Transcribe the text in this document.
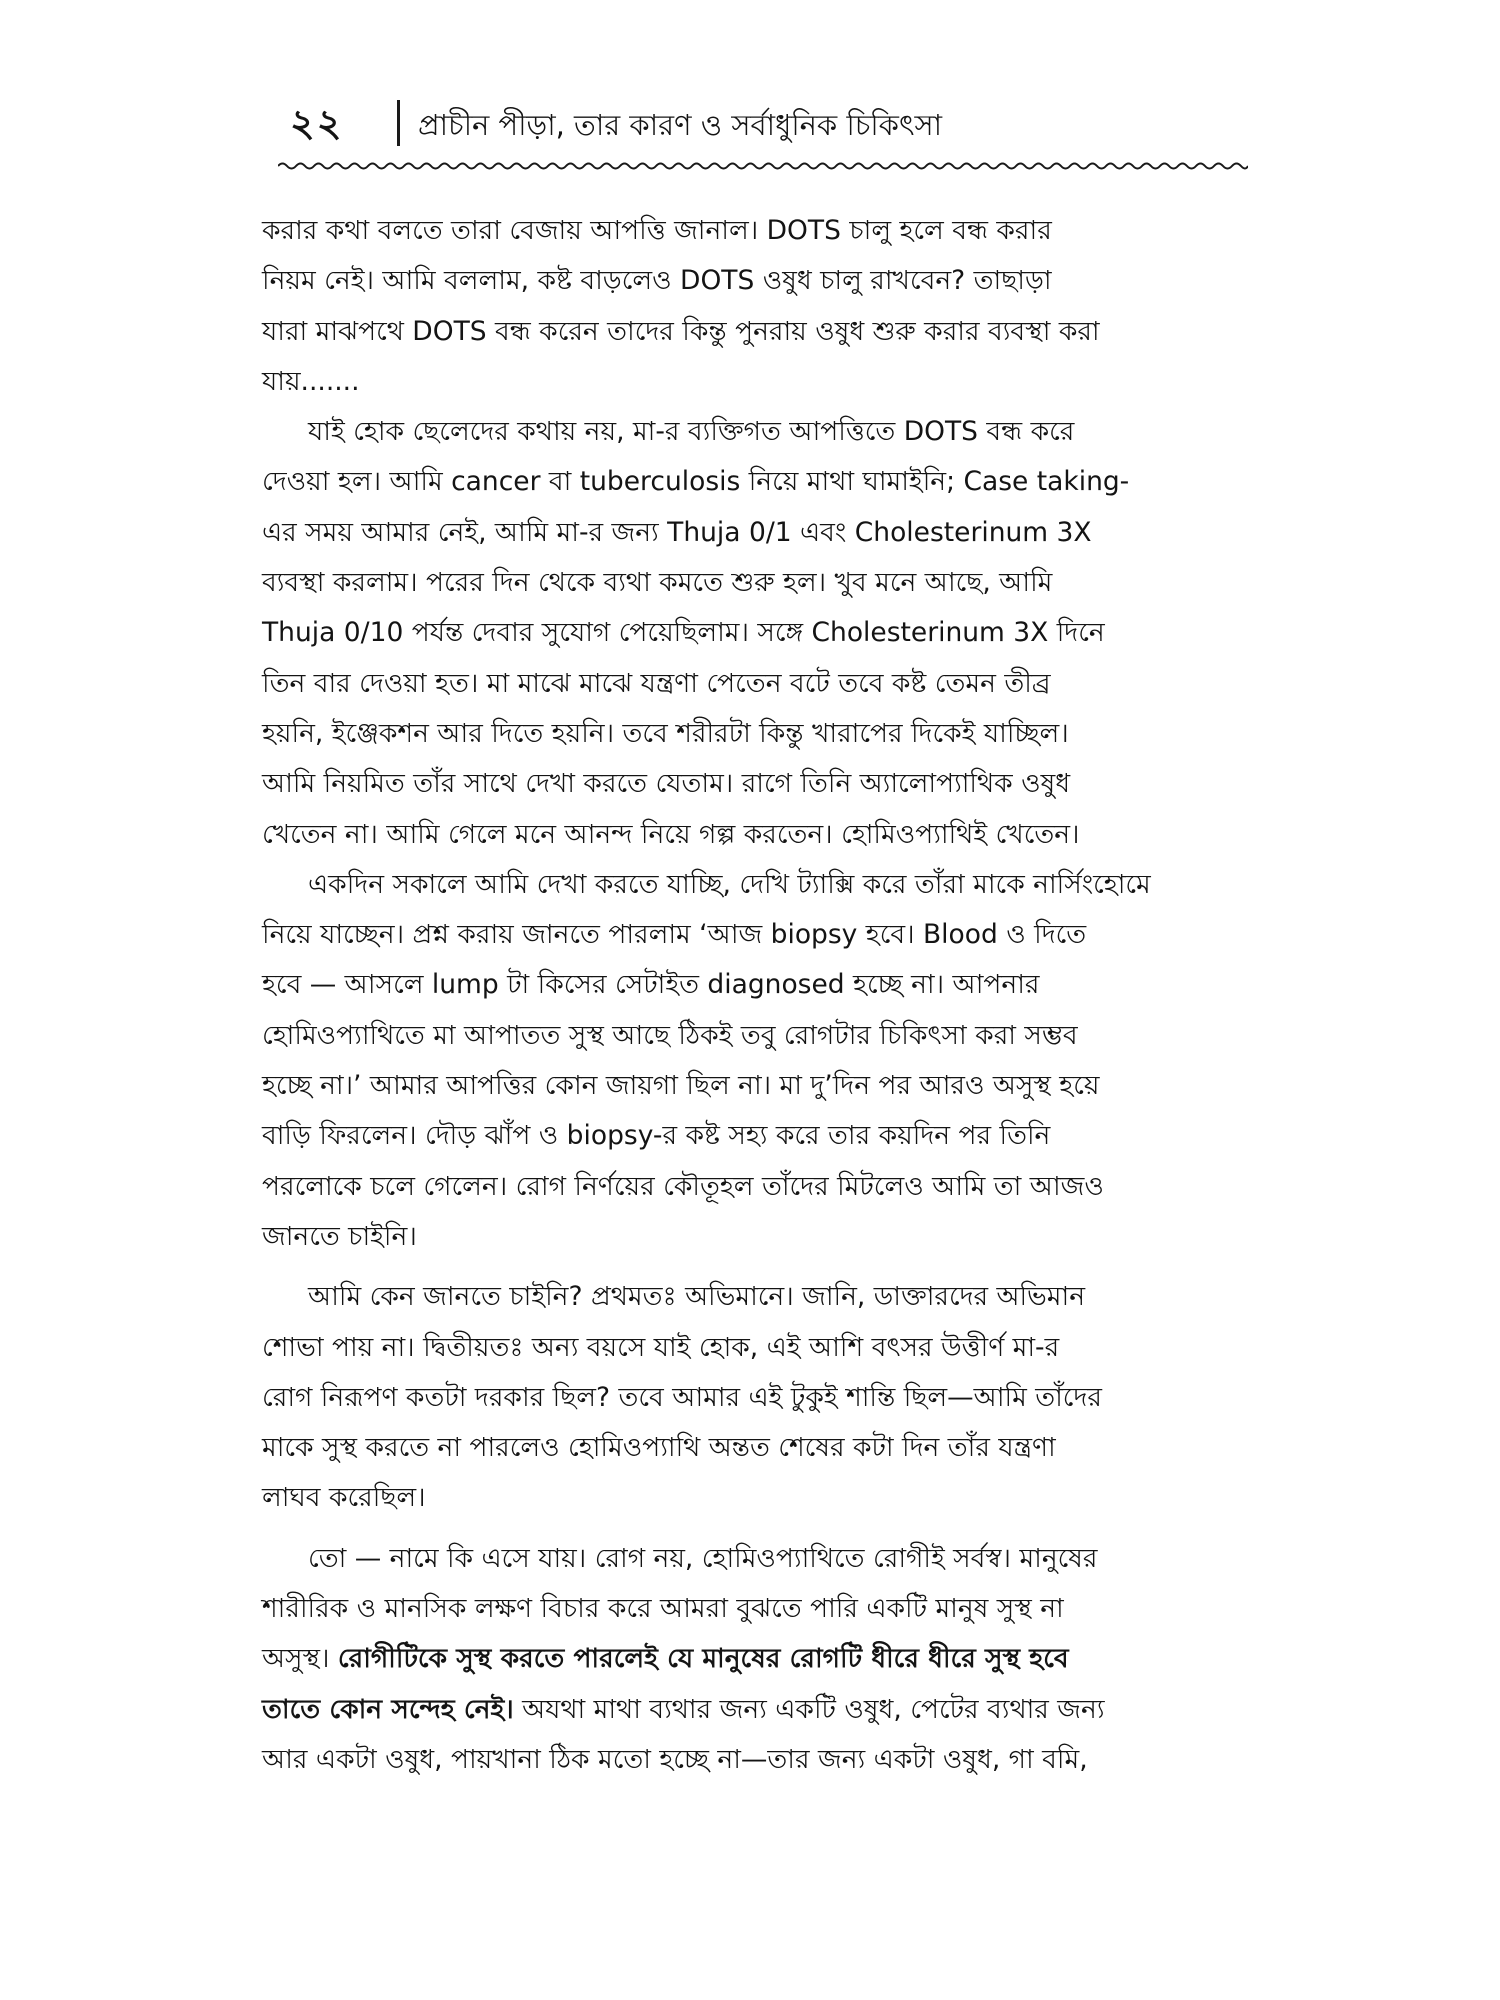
২২	প্রাচীন পীড়া, তার কারণ ও সর্বাধুনিক চিকিৎসা

করার কথা বলতে তারা বেজায় আপত্তি জানাল। DOTS চালু হলে বন্ধ করার
নিয়ম নেই। আমি বললাম, কষ্ট বাড়লেও DOTS ওষুধ চালু রাখবেন? তাছাড়া
যারা মাঝপথে DOTS বন্ধ করেন তাদের কিন্তু পুনরায় ওষুধ শুরু করার ব্যবস্থা করা
যায়.......

যাই হোক ছেলেদের কথায় নয়, মা-র ব্যক্তিগত আপত্তিতে DOTS বন্ধ করে
দেওয়া হল। আমি cancer বা tuberculosis নিয়ে মাথা ঘামাইনি; Case taking-
এর সময় আমার নেই, আমি মা-র জন্য Thuja 0/1 এবং Cholesterinum 3X
ব্যবস্থা করলাম। পরের দিন থেকে ব্যথা কমতে শুরু হল। খুব মনে আছে, আমি
Thuja 0/10 পর্যন্ত দেবার সুযোগ পেয়েছিলাম। সঙ্গে Cholesterinum 3X দিনে
তিন বার দেওয়া হত। মা মাঝে মাঝে যন্ত্রণা পেতেন বটে তবে কষ্ট তেমন তীব্র
হয়নি, ইঞ্জেকশন আর দিতে হয়নি। তবে শরীরটা কিন্তু খারাপের দিকেই যাচ্ছিল।
আমি নিয়মিত তাঁর সাথে দেখা করতে যেতাম। রাগে তিনি অ্যালোপ্যাথিক ওষুধ
খেতেন না। আমি গেলে মনে আনন্দ নিয়ে গল্প করতেন। হোমিওপ্যাথিই খেতেন।

একদিন সকালে আমি দেখা করতে যাচ্ছি, দেখি ট্যাক্সি করে তাঁরা মাকে নার্সিংহোমে
নিয়ে যাচ্ছেন। প্রশ্ন করায় জানতে পারলাম ‘আজ biopsy হবে। Blood ও দিতে
হবে — আসলে lump টা কিসের সেটাইত diagnosed হচ্ছে না। আপনার
হোমিওপ্যাথিতে মা আপাতত সুস্থ আছে ঠিকই তবু রোগটার চিকিৎসা করা সম্ভব
হচ্ছে না।’ আমার আপত্তির কোন জায়গা ছিল না। মা দু’দিন পর আরও অসুস্থ হয়ে
বাড়ি ফিরলেন। দৌড় ঝাঁপ ও biopsy-র কষ্ট সহ্য করে তার কয়দিন পর তিনি
পরলোকে চলে গেলেন। রোগ নির্ণয়ের কৌতূহল তাঁদের মিটলেও আমি তা আজও
জানতে চাইনি।

আমি কেন জানতে চাইনি? প্রথমতঃ অভিমানে। জানি, ডাক্তারদের অভিমান
শোভা পায় না। দ্বিতীয়তঃ অন্য বয়সে যাই হোক, এই আশি বৎসর উত্তীর্ণ মা-র
রোগ নিরূপণ কতটা দরকার ছিল? তবে আমার এই টুকুই শান্তি ছিল—আমি তাঁদের
মাকে সুস্থ করতে না পারলেও হোমিওপ্যাথি অন্তত শেষের কটা দিন তাঁর যন্ত্রণা
লাঘব করেছিল।

তো — নামে কি এসে যায়। রোগ নয়, হোমিওপ্যাথিতে রোগীই সর্বস্ব। মানুষের
শারীরিক ও মানসিক লক্ষণ বিচার করে আমরা বুঝতে পারি একটি মানুষ সুস্থ না
অসুস্থ। রোগীটিকে সুস্থ করতে পারলেই যে মানুষের রোগটি ধীরে ধীরে সুস্থ হবে
তাতে কোন সন্দেহ নেই। অযথা মাথা ব্যথার জন্য একটি ওষুধ, পেটের ব্যথার জন্য
আর একটা ওষুধ, পায়খানা ঠিক মতো হচ্ছে না—তার জন্য একটা ওষুধ, গা বমি,
